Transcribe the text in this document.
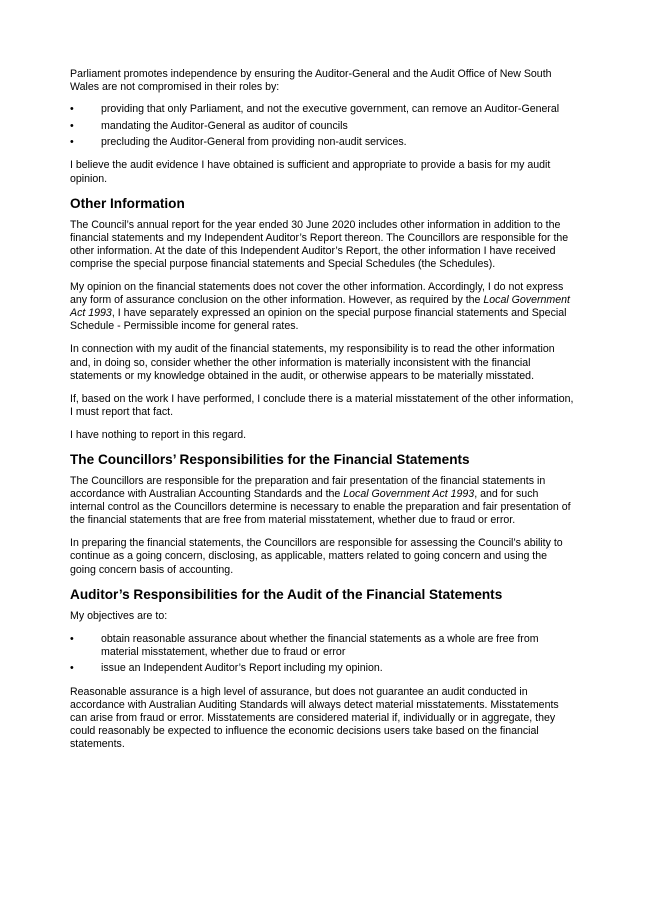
Parliament promotes independence by ensuring the Auditor-General and the Audit Office of New South Wales are not compromised in their roles by:

•	providing that only Parliament, and not the executive government, can remove an Auditor-General
•	mandating the Auditor-General as auditor of councils
•	precluding the Auditor-General from providing non-audit services.

I believe the audit evidence I have obtained is sufficient and appropriate to provide a basis for my audit opinion.

Other Information

The Council’s annual report for the year ended 30 June 2020 includes other information in addition to the financial statements and my Independent Auditor’s Report thereon. The Councillors are responsible for the other information. At the date of this Independent Auditor’s Report, the other information I have received comprise the special purpose financial statements and Special Schedules (the Schedules).

My opinion on the financial statements does not cover the other information. Accordingly, I do not express any form of assurance conclusion on the other information. However, as required by the Local Government Act 1993, I have separately expressed an opinion on the special purpose financial statements and Special Schedule - Permissible income for general rates.

In connection with my audit of the financial statements, my responsibility is to read the other information and, in doing so, consider whether the other information is materially inconsistent with the financial statements or my knowledge obtained in the audit, or otherwise appears to be materially misstated.

If, based on the work I have performed, I conclude there is a material misstatement of the other information, I must report that fact.

I have nothing to report in this regard.

The Councillors’ Responsibilities for the Financial Statements

The Councillors are responsible for the preparation and fair presentation of the financial statements in accordance with Australian Accounting Standards and the Local Government Act 1993, and for such internal control as the Councillors determine is necessary to enable the preparation and fair presentation of the financial statements that are free from material misstatement, whether due to fraud or error.

In preparing the financial statements, the Councillors are responsible for assessing the Council’s ability to continue as a going concern, disclosing, as applicable, matters related to going concern and using the going concern basis of accounting.

Auditor’s Responsibilities for the Audit of the Financial Statements

My objectives are to:

•	obtain reasonable assurance about whether the financial statements as a whole are free from material misstatement, whether due to fraud or error
•	issue an Independent Auditor’s Report including my opinion.

Reasonable assurance is a high level of assurance, but does not guarantee an audit conducted in accordance with Australian Auditing Standards will always detect material misstatements. Misstatements can arise from fraud or error. Misstatements are considered material if, individually or in aggregate, they could reasonably be expected to influence the economic decisions users take based on the financial statements.
